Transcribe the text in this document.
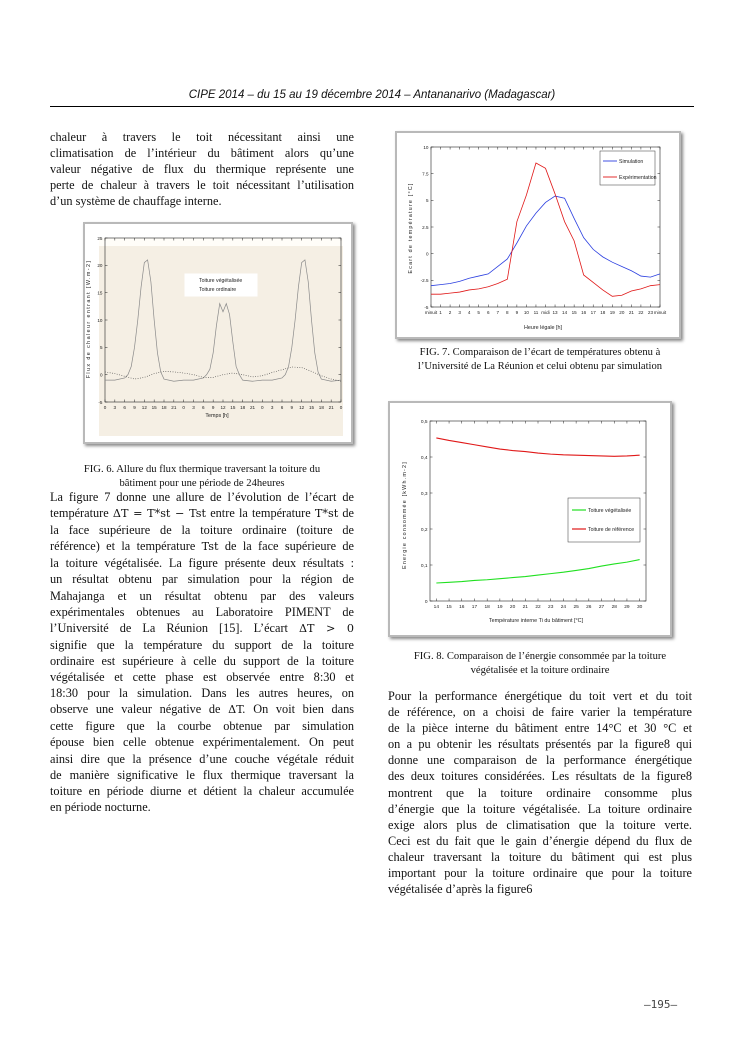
CIPE 2014 – du 15 au 19 décembre 2014 – Antananarivo (Madagascar)
chaleur à travers le toit nécessitant ainsi une
climatisation de l’intérieur du bâtiment alors qu’une
valeur négative de flux du thermique représente une
perte de chaleur à travers le toit nécessitant l’utilisation
d’un système de chauffage interne.
-5
0
5
10
15
20
25
0 3 6 9 12 15 18 21 0 3 6 9 12 15 18 21 0 3 6 9 12 15 18 21 0
Toiture végétalisée
Toiture ordinaire
Temps [h]
Flux de chaleur entrant [W.m-2]
FIG. 6. Allure du flux thermique traversant la toiture du
bâtiment pour une période de 24heures
La figure 7 donne une allure de l’évolution de l’écart de
température ΔT = T*st − Tst entre la température T*st de
la face supérieure de la toiture ordinaire (toiture de
référence) et la température Tst de la face supérieure de
la toiture végétalisée. La figure présente deux résultats :
un résultat obtenu par simulation pour la région de
Mahajanga et un résultat obtenu par des valeurs
expérimentales obtenues au Laboratoire PIMENT de
l’Université de La Réunion [15]. L’écart ΔT > 0
signifie que la température du support de la toiture
ordinaire est supérieure à celle du support de la toiture
végétalisée et cette phase est observée entre 8:30 et
18:30 pour la simulation. Dans les autres heures, on
observe une valeur négative de ΔT. On voit bien dans
cette figure que la courbe obtenue par simulation
épouse bien celle obtenue expérimentalement. On peut
ainsi dire que la présence d’une couche végétale réduit
de manière significative le flux thermique traversant la
toiture en période diurne et détient la chaleur accumulée
en période nocturne.
-5
-2.5
0
2.5
5
7.5
10
minuit 1 2 3 4 5 6 7 8 9 10 11 midi 13 14 15 16 17 18 19 20 21 22 23 minuit
Simulation
Expérimentation
Heure légale [h]
Ecart de température [°C]
FIG. 7. Comparaison de l’écart de températures obtenu à
l’Université de La Réunion et celui obtenu par simulation
0
0,1
0,2
0,3
0,4
0,5
14 15 16 17 18 19 20 21 22 23 24 25 26 27 28 29 30
Toiture végétalisée
Toiture de référence
Température interne Ti du bâtiment [°C]
Energie consommée [kWh.m-2]
FIG. 8. Comparaison de l’énergie consommée par la toiture
végétalisée et la toiture ordinaire
Pour la performance énergétique du toit vert et du toit
de référence, on a choisi de faire varier la température
de la pièce interne du bâtiment entre 14°C et 30 °C et
on a pu obtenir les résultats présentés par la figure8 qui
donne une comparaison de la performance énergétique
des deux toitures considérées. Les résultats de la figure8
montrent que la toiture ordinaire consomme plus
d’énergie que la toiture végétalisée. La toiture ordinaire
exige alors plus de climatisation que la toiture verte.
Ceci est du fait que le gain d’énergie dépend du flux de
chaleur traversant la toiture du bâtiment qui est plus
important pour la toiture ordinaire que pour la toiture
végétalisée d’après la figure6
–195–
